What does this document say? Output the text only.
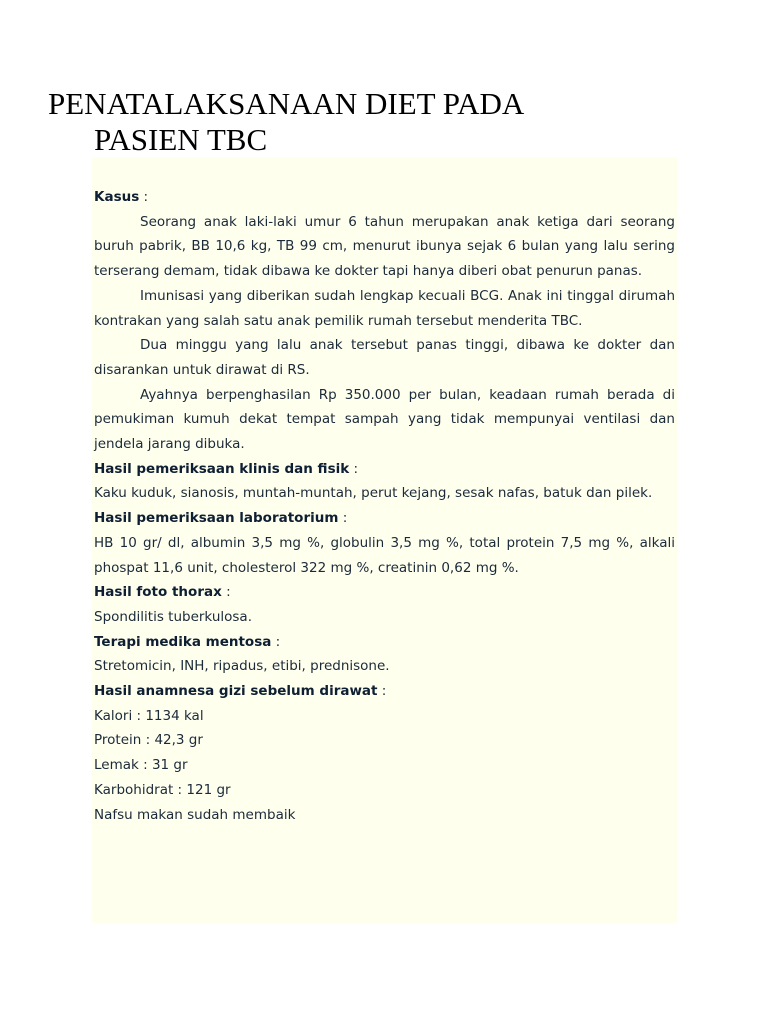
PENATALAKSANAAN DIET PADA
PASIEN TBC

Kasus :

Seorang anak laki-laki umur 6 tahun merupakan anak ketiga dari seorang buruh pabrik, BB 10,6 kg, TB 99 cm, menurut ibunya sejak 6 bulan yang lalu sering terserang demam, tidak dibawa ke dokter tapi hanya diberi obat penurun panas.

Imunisasi yang diberikan sudah lengkap kecuali BCG. Anak ini tinggal dirumah kontrakan yang salah satu anak pemilik rumah tersebut menderita TBC.

Dua minggu yang lalu anak tersebut panas tinggi, dibawa ke dokter dan disarankan untuk dirawat di RS.

Ayahnya berpenghasilan Rp 350.000 per bulan, keadaan rumah berada di pemukiman kumuh dekat tempat sampah yang tidak mempunyai ventilasi dan jendela jarang dibuka.

Hasil pemeriksaan klinis dan fisik :

Kaku kuduk, sianosis, muntah-muntah, perut kejang, sesak nafas, batuk dan pilek.

Hasil pemeriksaan laboratorium :

HB 10 gr/ dl, albumin 3,5 mg %, globulin 3,5 mg %, total protein 7,5 mg %, alkali phospat 11,6 unit, cholesterol 322 mg %, creatinin 0,62 mg %.

Hasil foto thorax :

Spondilitis tuberkulosa.

Terapi medika mentosa :

Stretomicin, INH, ripadus, etibi, prednisone.

Hasil anamnesa gizi sebelum dirawat :

Kalori : 1134 kal

Protein : 42,3 gr

Lemak : 31 gr

Karbohidrat : 121 gr

Nafsu makan sudah membaik
